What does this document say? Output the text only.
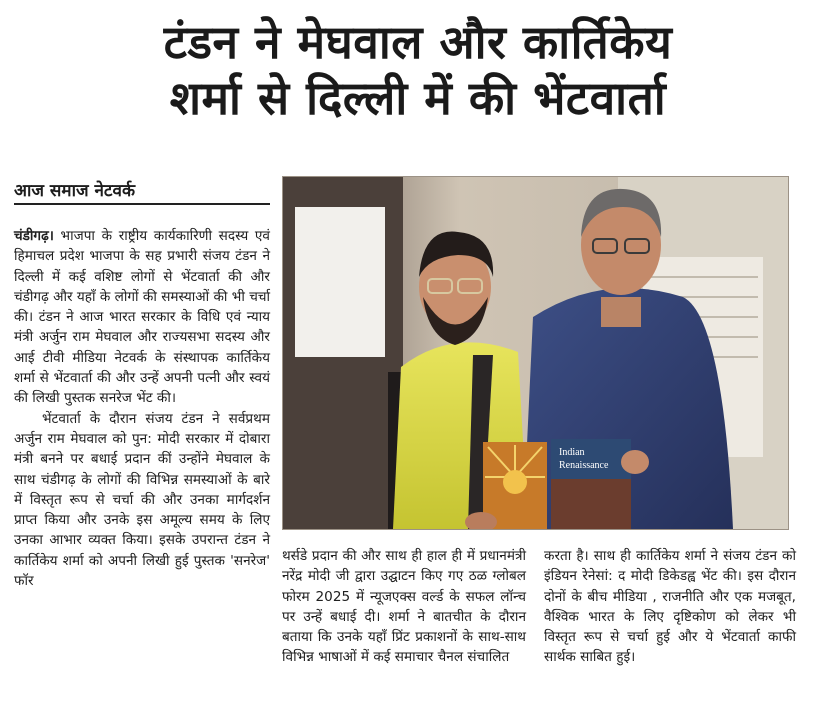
टंडन ने मेघवाल और कार्तिकेय
शर्मा से दिल्ली में की भेंटवार्ता
आज समाज नेटवर्क

चंडीगढ़। भाजपा के राष्ट्रीय कार्यकारिणी सदस्य एवं हिमाचल प्रदेश भाजपा के सह प्रभारी संजय टंडन ने दिल्ली में कई वशिष्ट लोगों से भेंटवार्ता की और चंडीगढ़ और यहाँ के लोगों की समस्याओं की भी चर्चा की। टंडन ने आज भारत सरकार के विधि एवं न्याय मंत्री अर्जुन राम मेघवाल और राज्यसभा सदस्य और आई टीवी मीडिया नेटवर्क के संस्थापक कार्तिकेय शर्मा से भेंटवार्ता की और उन्हें अपनी पत्नी और स्वयं की लिखी पुस्तक सनरेज भेंट की।

भेंटवार्ता के दौरान संजय टंडन ने सर्वप्रथम अर्जुन राम मेघवाल को पुन: मोदी सरकार में दोबारा मंत्री बनने पर बधाई प्रदान कीं उन्होंने मेघवाल के साथ चंडीगढ़ के लोगों की विभिन्न समस्याओं के बारे में विस्तृत रूप से चर्चा की और उनका मार्गदर्शन प्राप्त किया और उनके इस अमूल्य समय के लिए उनका आभार व्यक्त किया। इसके उपरान्त टंडन ने कार्तिकेय शर्मा को अपनी लिखी हुई पुस्तक 'सनरेज' फॉर

थर्सडे प्रदान की और साथ ही हाल ही में प्रधानमंत्री नरेंद्र मोदी जी द्वारा उद्घाटन किए गए ठळ ग्लोबल फोरम 2025 में न्यूजएक्स वर्ल्ड के सफल लॉन्च पर उन्हें बधाई दी। शर्मा ने बातचीत के दौरान बताया कि उनके यहाँ प्रिंट प्रकाशनों के साथ-साथ विभिन्न भाषाओं में कई समाचार चैनल संचालित

करता है। साथ ही कार्तिकेय शर्मा ने संजय टंडन को इंडियन रेनेसां: द मोदी डिकेडह्व भेंट की। इस दौरान दोनों के बीच मीडिया , राजनीति और एक मजबूत, वैश्विक भारत के लिए दृष्टिकोण को लेकर भी विस्तृत रूप से चर्चा हुई और ये भेंटवार्ता काफी सार्थक साबित हुई।

Indian
Renaissance
